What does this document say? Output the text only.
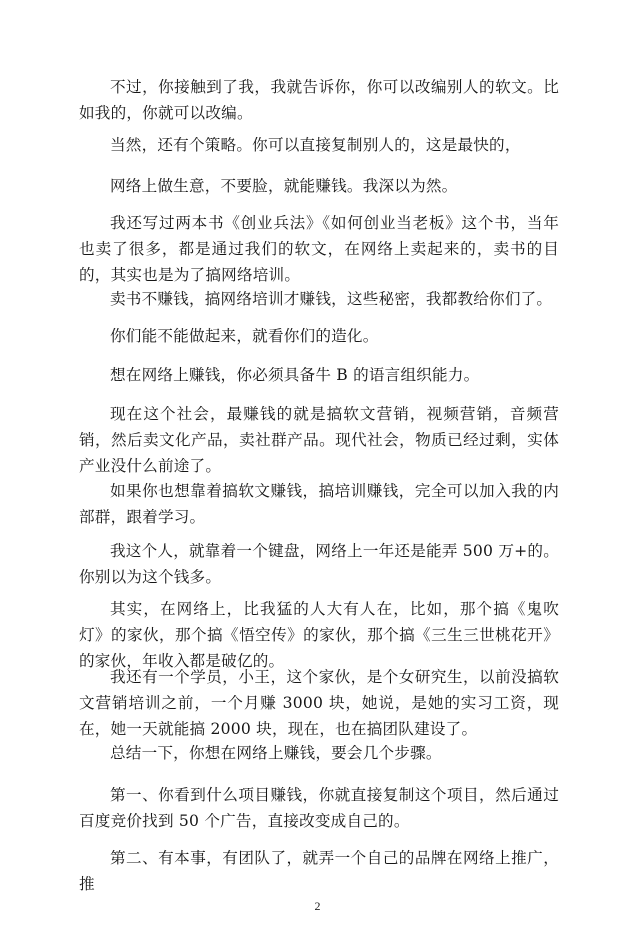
不过，你接触到了我，我就告诉你，你可以改编别人的软文。比如我的，你就可以改编。

当然，还有个策略。你可以直接复制别人的，这是最快的，

网络上做生意，不要脸，就能赚钱。我深以为然。

我还写过两本书《创业兵法》《如何创业当老板》这个书，当年也卖了很多，都是通过我们的软文，在网络上卖起来的，卖书的目的，其实也是为了搞网络培训。

卖书不赚钱，搞网络培训才赚钱，这些秘密，我都教给你们了。

你们能不能做起来，就看你们的造化。

想在网络上赚钱，你必须具备牛 B 的语言组织能力。

现在这个社会，最赚钱的就是搞软文营销，视频营销，音频营销，然后卖文化产品，卖社群产品。现代社会，物质已经过剩，实体产业没什么前途了。

如果你也想靠着搞软文赚钱，搞培训赚钱，完全可以加入我的内部群，跟着学习。

我这个人，就靠着一个键盘，网络上一年还是能弄 500 万+的。你别以为这个钱多。

其实，在网络上，比我猛的人大有人在，比如，那个搞《鬼吹灯》的家伙，那个搞《悟空传》的家伙，那个搞《三生三世桃花开》的家伙，年收入都是破亿的。

我还有一个学员，小王，这个家伙，是个女研究生，以前没搞软文营销培训之前，一个月赚 3000 块，她说，是她的实习工资，现在，她一天就能搞 2000 块，现在，也在搞团队建设了。

总结一下，你想在网络上赚钱，要会几个步骤。

第一、你看到什么项目赚钱，你就直接复制这个项目，然后通过百度竞价找到 50 个广告，直接改变成自己的。

第二、有本事，有团队了，就弄一个自己的品牌在网络上推广，推

2
